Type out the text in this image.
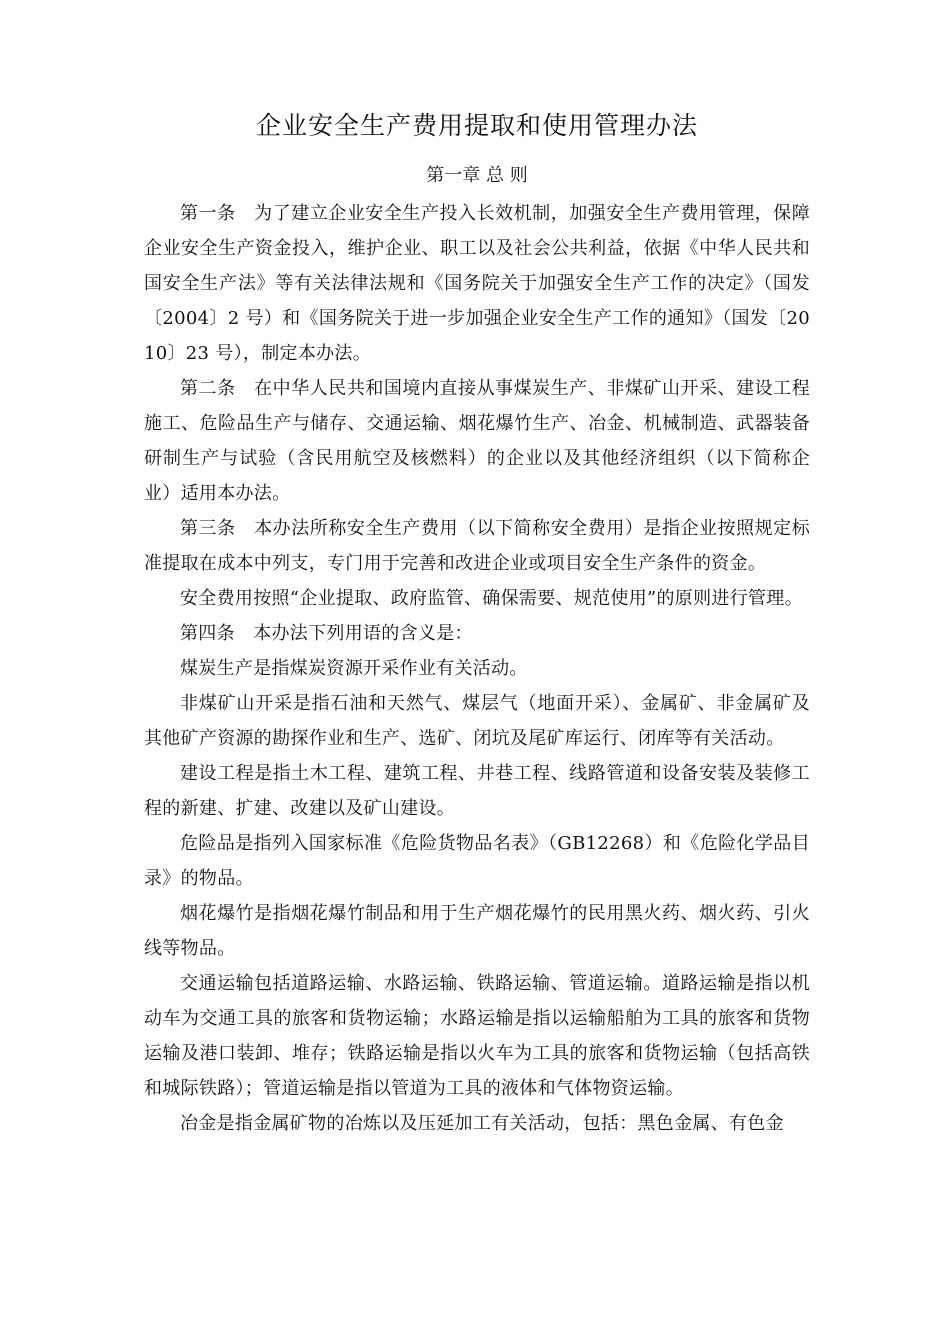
企业安全生产费用提取和使用管理办法
第一章 总 则

第一条　为了建立企业安全生产投入长效机制，加强安全生产费用管理，保障企业安全生产资金投入，维护企业、职工以及社会公共利益，依据《中华人民共和国安全生产法》等有关法律法规和《国务院关于加强安全生产工作的决定》（国发〔2004〕2 号）和《国务院关于进一步加强企业安全生产工作的通知》（国发〔2010〕23 号），制定本办法。

第二条　在中华人民共和国境内直接从事煤炭生产、非煤矿山开采、建设工程施工、危险品生产与储存、交通运输、烟花爆竹生产、冶金、机械制造、武器装备研制生产与试验（含民用航空及核燃料）的企业以及其他经济组织（以下简称企业）适用本办法。

第三条　本办法所称安全生产费用（以下简称安全费用）是指企业按照规定标准提取在成本中列支，专门用于完善和改进企业或项目安全生产条件的资金。

安全费用按照“企业提取、政府监管、确保需要、规范使用”的原则进行管理。

第四条　本办法下列用语的含义是：

煤炭生产是指煤炭资源开采作业有关活动。

非煤矿山开采是指石油和天然气、煤层气（地面开采）、金属矿、非金属矿及其他矿产资源的勘探作业和生产、选矿、闭坑及尾矿库运行、闭库等有关活动。

建设工程是指土木工程、建筑工程、井巷工程、线路管道和设备安装及装修工程的新建、扩建、改建以及矿山建设。

危险品是指列入国家标准《危险货物品名表》（GB12268）和《危险化学品目录》的物品。

烟花爆竹是指烟花爆竹制品和用于生产烟花爆竹的民用黑火药、烟火药、引火线等物品。

交通运输包括道路运输、水路运输、铁路运输、管道运输。道路运输是指以机动车为交通工具的旅客和货物运输；水路运输是指以运输船舶为工具的旅客和货物运输及港口装卸、堆存；铁路运输是指以火车为工具的旅客和货物运输（包括高铁和城际铁路）；管道运输是指以管道为工具的液体和气体物资运输。

冶金是指金属矿物的冶炼以及压延加工有关活动，包括：黑色金属、有色金
